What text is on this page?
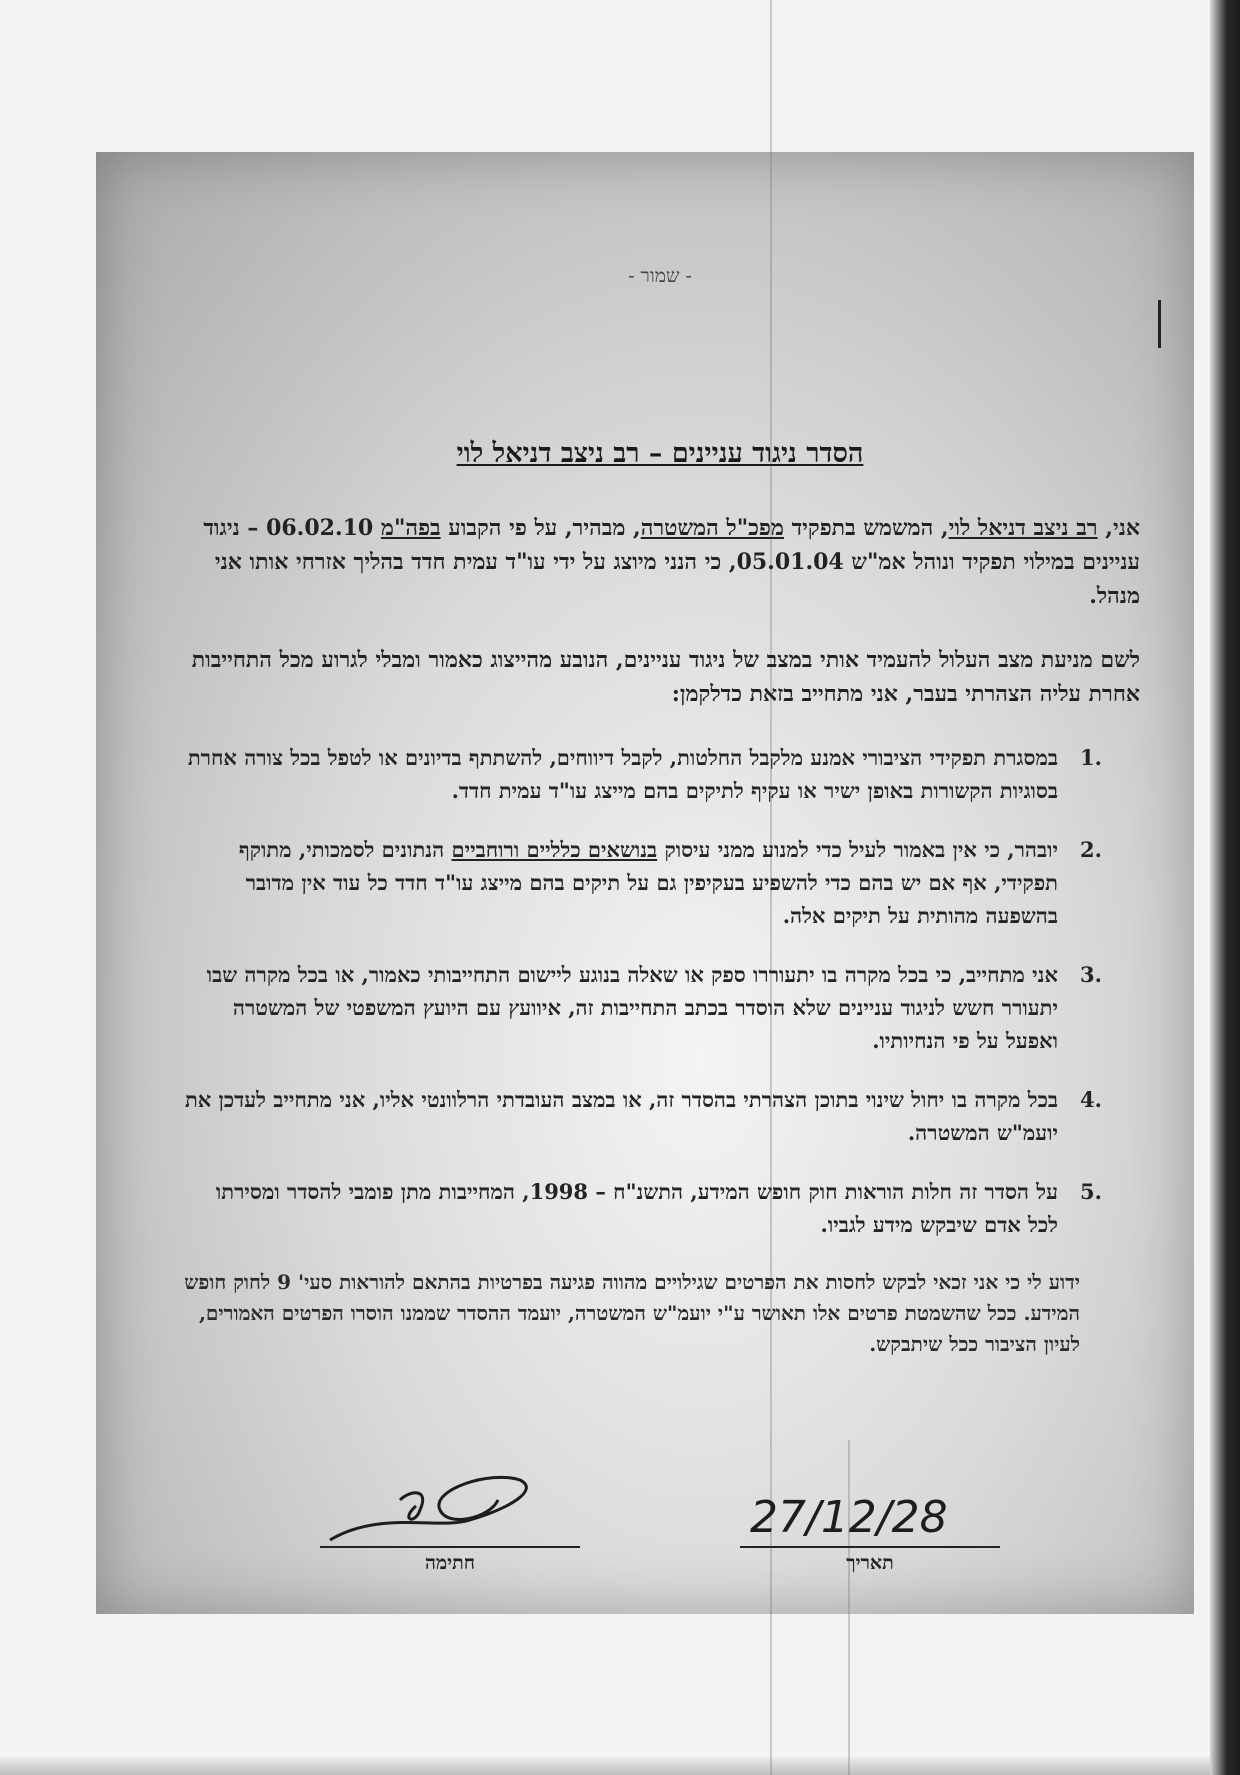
- שמור -
הסדר ניגוד עניינים – רב ניצב דניאל לוי

אני, רב ניצב דניאל לוי, המשמש בתפקיד מפכ"ל המשטרה, מבהיר, על פי הקבוע בפה"מ 06.02.10 – ניגוד עניינים במילוי תפקיד ונוהל אמ"ש 05.01.04, כי הנני מיוצג על ידי עו"ד עמית חדד בהליך אזרחי אותו אני מנהל.

לשם מניעת מצב העלול להעמיד אותי במצב של ניגוד עניינים, הנובע מהייצוג כאמור ומבלי לגרוע מכל התחייבות אחרת עליה הצהרתי בעבר, אני מתחייב בזאת כדלקמן:

1.
במסגרת תפקידי הציבורי אמנע מלקבל החלטות, לקבל דיווחים, להשתתף בדיונים או לטפל בכל צורה אחרת בסוגיות הקשורות באופן ישיר או עקיף לתיקים בהם מייצג עו"ד עמית חדד.
2.
יובהר, כי אין באמור לעיל כדי למנוע ממני עיסוק בנושאים כלליים ורוחביים הנתונים לסמכותי, מתוקף תפקידי, אף אם יש בהם כדי להשפיע בעקיפין גם על תיקים בהם מייצג עו"ד חדד כל עוד אין מדובר בהשפעה מהותית על תיקים אלה.
3.
אני מתחייב, כי בכל מקרה בו יתעוררו ספק או שאלה בנוגע ליישום התחייבותי כאמור, או בכל מקרה שבו יתעורר חשש לניגוד עניינים שלא הוסדר בכתב התחייבות זה, איוועץ עם היועץ המשפטי של המשטרה ואפעל על פי הנחיותיו.
4.
בכל מקרה בו יחול שינוי בתוכן הצהרתי בהסדר זה, או במצב העובדתי הרלוונטי אליו, אני מתחייב לעדכן את יועמ"ש המשטרה.
5.
על הסדר זה חלות הוראות חוק חופש המידע, התשנ"ח – 1998, המחייבות מתן פומבי להסדר ומסירתו לכל אדם שיבקש מידע לגביו.

ידוע לי כי אני זכאי לבקש לחסות את הפרטים שגילויים מהווה פגיעה בפרטיות בהתאם להוראות סעי' 9 לחוק חופש המידע. ככל שהשמטת פרטים אלו תאושר ע"י יועמ"ש המשטרה, יועמד ההסדר שממנו הוסרו הפרטים האמורים, לעיון הציבור ככל שיתבקש.

חתימה
27/12/28
תאריך
